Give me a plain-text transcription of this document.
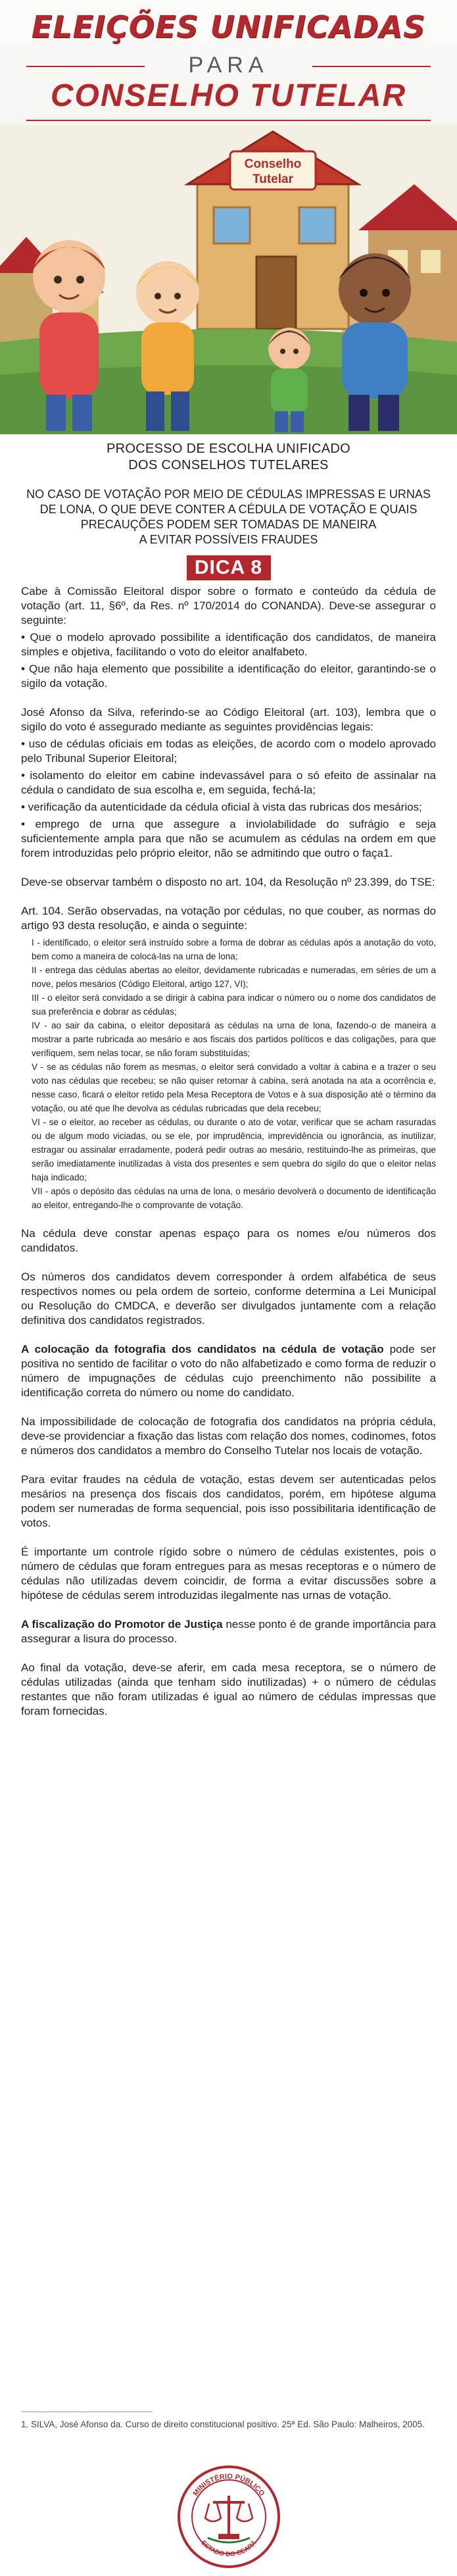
ELEIÇÕES UNIFICADAS
PARA
CONSELHO TUTELAR
Conselho
Tutelar
PROCESSO DE ESCOLHA UNIFICADO
DOS CONSELHOS TUTELARES
NO CASO DE VOTAÇÃO POR MEIO DE CÉDULAS IMPRESSAS E URNAS
DE LONA, O QUE DEVE CONTER A CÉDULA DE VOTAÇÃO E QUAIS
PRECAUÇÕES PODEM SER TOMADAS DE MANEIRA
A EVITAR POSSÍVEIS FRAUDES
DICA 8

Cabe à Comissão Eleitoral dispor sobre o formato e conteúdo da cédula de votação (art. 11, §6º, da Res. nº 170/2014 do CONANDA). Deve-se assegurar o seguinte:

• Que o modelo aprovado possibilite a identificação dos candidatos, de maneira simples e objetiva, facilitando o voto do eleitor analfabeto.

• Que não haja elemento que possibilite a identificação do eleitor, garantindo-se o sigilo da votação.

José Afonso da Silva, referindo-se ao Código Eleitoral (art. 103), lembra que o sigilo do voto é assegurado mediante as seguintes providências legais:

• uso de cédulas oficiais em todas as eleições, de acordo com o modelo aprovado pelo Tribunal Superior Eleitoral;

• isolamento do eleitor em cabine indevassável para o só efeito de assinalar na cédula o candidato de sua escolha e, em seguida, fechá-la;

• verificação da autenticidade da cédula oficial à vista das rubricas dos mesários;

• emprego de urna que assegure a inviolabilidade do sufrágio e seja suficientemente ampla para que não se acumulem as cédulas na ordem em que forem introduzidas pelo próprio eleitor, não se admitindo que outro o faça1.

Deve-se observar também o disposto no art. 104, da Resolução nº 23.399, do TSE:

Art. 104. Serão observadas, na votação por cédulas, no que couber, as normas do artigo 93 desta resolução, e ainda o seguinte:

I - identificado, o eleitor será instruído sobre a forma de dobrar as cédulas após a anotação do voto, bem como a maneira de colocá-las na urna de lona;

II - entrega das cédulas abertas ao eleitor, devidamente rubricadas e numeradas, em séries de um a nove, pelos mesários (Código Eleitoral, artigo 127, VI);

III - o eleitor será convidado a se dirigir à cabina para indicar o número ou o nome dos candidatos de sua preferência e dobrar as cédulas;

IV - ao sair da cabina, o eleitor depositará as cédulas na urna de lona, fazendo-o de maneira a mostrar a parte rubricada ao mesário e aos fiscais dos partidos políticos e das coligações, para que verifiquem, sem nelas tocar, se não foram substituídas;

V - se as cédulas não forem as mesmas, o eleitor será convidado a voltar à cabina e a trazer o seu voto nas cédulas que recebeu; se não quiser retornar à cabina, será anotada na ata a ocorrência e, nesse caso, ficará o eleitor retido pela Mesa Receptora de Votos e à sua disposição até o término da votação, ou até que lhe devolva as cédulas rubricadas que dela recebeu;

VI - se o eleitor, ao receber as cédulas, ou durante o ato de votar, verificar que se acham rasuradas ou de algum modo viciadas, ou se ele, por imprudência, imprevidência ou ignorância, as inutilizar, estragar ou assinalar erradamente, poderá pedir outras ao mesário, restituindo-lhe as primeiras, que serão imediatamente inutilizadas à vista dos presentes e sem quebra do sigilo do que o eleitor nelas haja indicado;

VII - após o depósito das cédulas na urna de lona, o mesário devolverá o documento de identificação ao eleitor, entregando-lhe o comprovante de votação.

Na cédula deve constar apenas espaço para os nomes e/ou números dos candidatos.

Os números dos candidatos devem corresponder à ordem alfabética de seus respectivos nomes ou pela ordem de sorteio, conforme determina a Lei Municipal ou Resolução do CMDCA, e deverão ser divulgados juntamente com a relação definitiva dos candidatos registrados.

A colocação da fotografia dos candidatos na cédula de votação pode ser positiva no sentido de facilitar o voto do não alfabetizado e como forma de reduzir o número de impugnações de cédulas cujo preenchimento não possibilite a identificação correta do número ou nome do candidato.

Na impossibilidade de colocação de fotografia dos candidatos na própria cédula, deve-se providenciar a fixação das listas com relação dos nomes, codinomes, fotos e números dos candidatos a membro do Conselho Tutelar nos locais de votação.

Para evitar fraudes na cédula de votação, estas devem ser autenticadas pelos mesários na presença dos fiscais dos candidatos, porém, em hipótese alguma podem ser numeradas de forma sequencial, pois isso possibilitaria identificação de votos.

É importante um controle rígido sobre o número de cédulas existentes, pois o número de cédulas que foram entregues para as mesas receptoras e o número de cédulas não utilizadas devem coincidir, de forma a evitar discussões sobre a hipótese de cédulas serem introduzidas ilegalmente nas urnas de votação.

A fiscalização do Promotor de Justiça nesse ponto é de grande importância para assegurar a lisura do processo.

Ao final da votação, deve-se aferir, em cada mesa receptora, se o número de cédulas utilizadas (ainda que tenham sido inutilizadas) + o número de cédulas restantes que não foram utilizadas é igual ao número de cédulas impressas que foram fornecidas.

1. SILVA, José Afonso da. Curso de direito constitucional positivo. 25ª Ed. São Paulo: Malheiros, 2005.
MINISTÉRIO PÚBLICO
ESTADO DO CEARÁ
